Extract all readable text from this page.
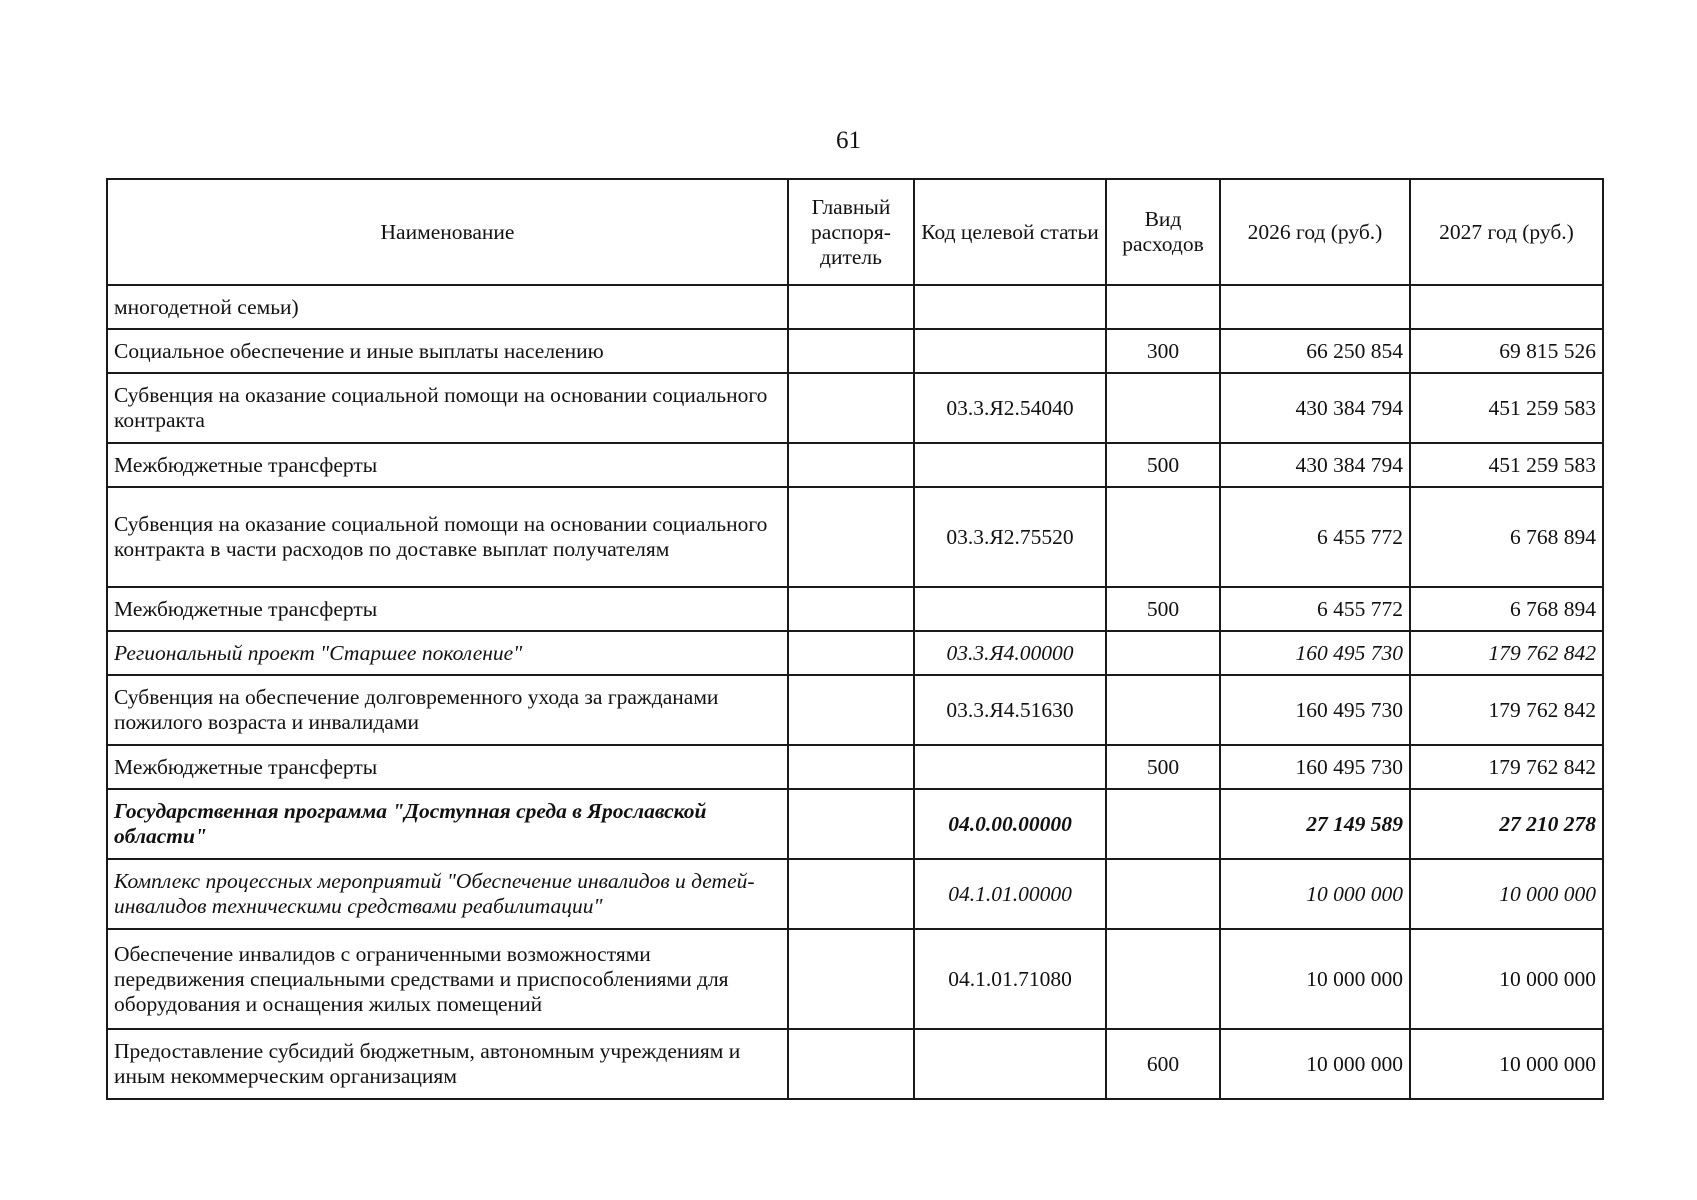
61
Наименование	Главный распоря-дитель	Код целевой статьи	Вид расходов	2026 год (руб.)	2027 год (руб.)
многодетной семьи)					
Социальное обеспечение и иные выплаты населению			300	66 250 854	69 815 526
Субвенция на оказание социальной помощи на основании социального контракта		03.3.Я2.54040		430 384 794	451 259 583
Межбюджетные трансферты			500	430 384 794	451 259 583
Субвенция на оказание социальной помощи на основании социального контракта в части расходов по доставке выплат получателям		03.3.Я2.75520		6 455 772	6 768 894
Межбюджетные трансферты			500	6 455 772	6 768 894
Региональный проект "Старшее поколение"		03.3.Я4.00000		160 495 730	179 762 842
Субвенция на обеспечение долговременного ухода за гражданами пожилого возраста и инвалидами		03.3.Я4.51630		160 495 730	179 762 842
Межбюджетные трансферты			500	160 495 730	179 762 842
Государственная программа "Доступная среда в Ярославской области"		04.0.00.00000		27 149 589	27 210 278
Комплекс процессных мероприятий "Обеспечение инвалидов и детей-инвалидов техническими средствами реабилитации"		04.1.01.00000		10 000 000	10 000 000
Обеспечение инвалидов с ограниченными возможностями передвижения специальными средствами и приспособлениями для оборудования и оснащения жилых помещений		04.1.01.71080		10 000 000	10 000 000
Предоставление субсидий бюджетным, автономным учреждениям и иным некоммерческим организациям			600	10 000 000	10 000 000
